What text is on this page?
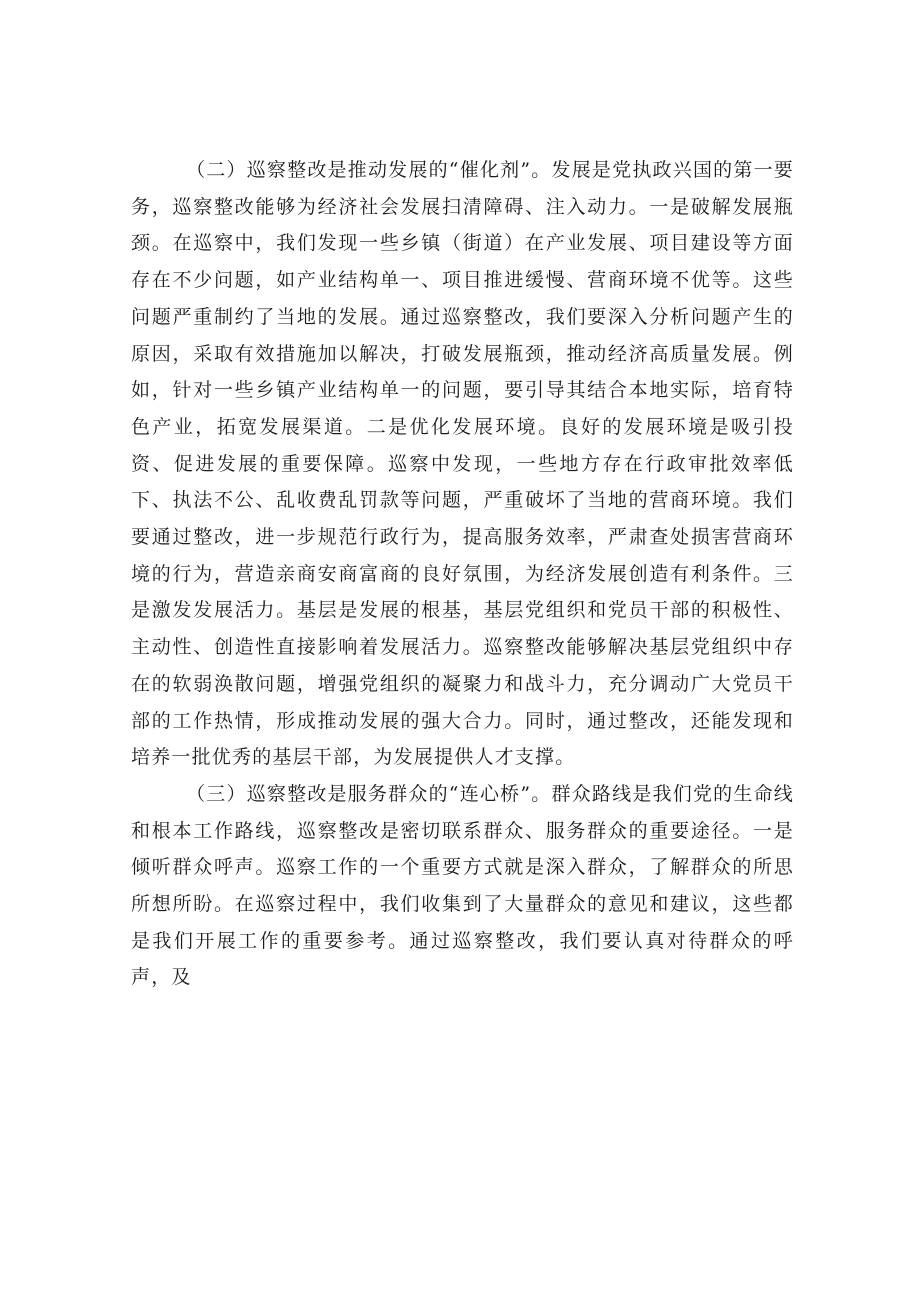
（二）巡察整改是推动发展的“催化剂”。发展是党执政兴国的第一要务，巡察整改能够为经济社会发展扫清障碍、注入动力。一是破解发展瓶颈。在巡察中，我们发现一些乡镇（街道）在产业发展、项目建设等方面存在不少问题，如产业结构单一、项目推进缓慢、营商环境不优等。这些问题严重制约了当地的发展。通过巡察整改，我们要深入分析问题产生的原因，采取有效措施加以解决，打破发展瓶颈，推动经济高质量发展。例如，针对一些乡镇产业结构单一的问题，要引导其结合本地实际，培育特色产业，拓宽发展渠道。二是优化发展环境。良好的发展环境是吸引投资、促进发展的重要保障。巡察中发现，一些地方存在行政审批效率低下、执法不公、乱收费乱罚款等问题，严重破坏了当地的营商环境。我们要通过整改，进一步规范行政行为，提高服务效率，严肃查处损害营商环境的行为，营造亲商安商富商的良好氛围，为经济发展创造有利条件。三是激发发展活力。基层是发展的根基，基层党组织和党员干部的积极性、主动性、创造性直接影响着发展活力。巡察整改能够解决基层党组织中存在的软弱涣散问题，增强党组织的凝聚力和战斗力，充分调动广大党员干部的工作热情，形成推动发展的强大合力。同时，通过整改，还能发现和培养一批优秀的基层干部，为发展提供人才支撑。

（三）巡察整改是服务群众的“连心桥”。群众路线是我们党的生命线和根本工作路线，巡察整改是密切联系群众、服务群众的重要途径。一是倾听群众呼声。巡察工作的一个重要方式就是深入群众，了解群众的所思所想所盼。在巡察过程中，我们收集到了大量群众的意见和建议，这些都是我们开展工作的重要参考。通过巡察整改，我们要认真对待群众的呼声，及
